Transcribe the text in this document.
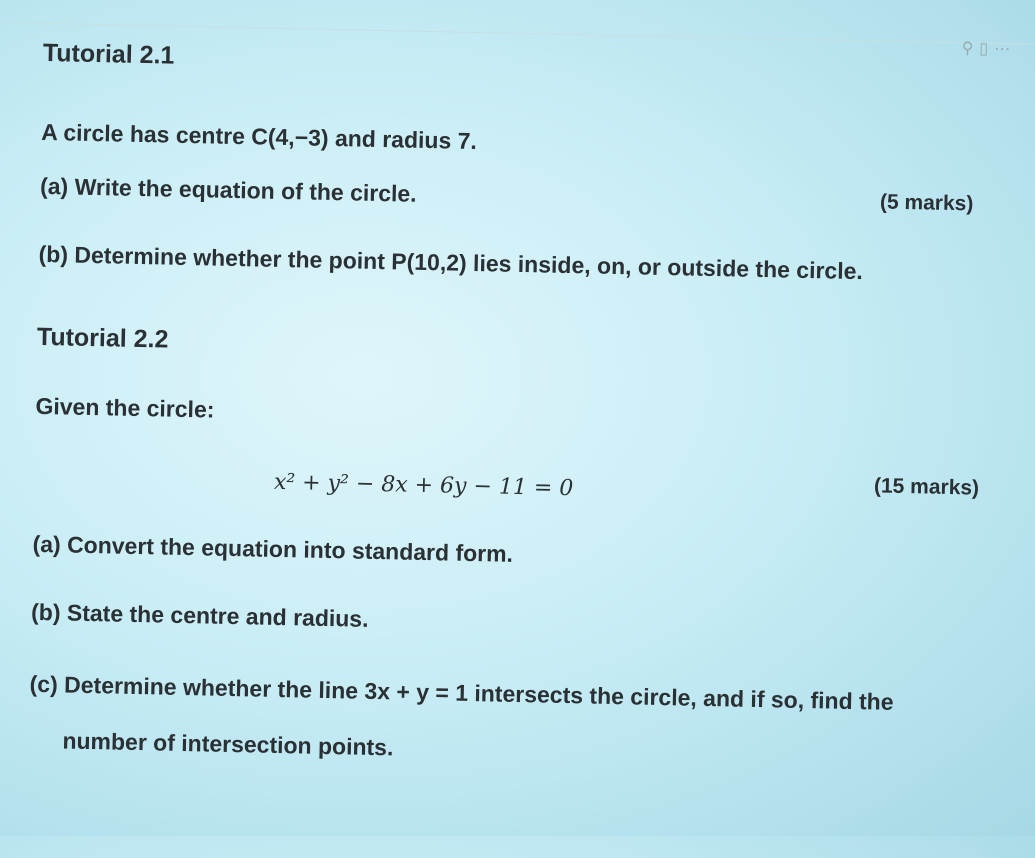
⚲▯⋯
Tutorial 2.1
A circle has centre C(4,−3) and radius 7.
(a) Write the equation of the circle.	(5 marks)
(b) Determine whether the point P(10,2) lies inside, on, or outside the circle.
Tutorial 2.2
Given the circle:
(15 marks)
x² + y² − 8x + 6y − 11 = 0
(a) Convert the equation into standard form.
(b) State the centre and radius.
(c) Determine whether the line 3x + y = 1 intersects the circle, and if so, find the
number of intersection points.
